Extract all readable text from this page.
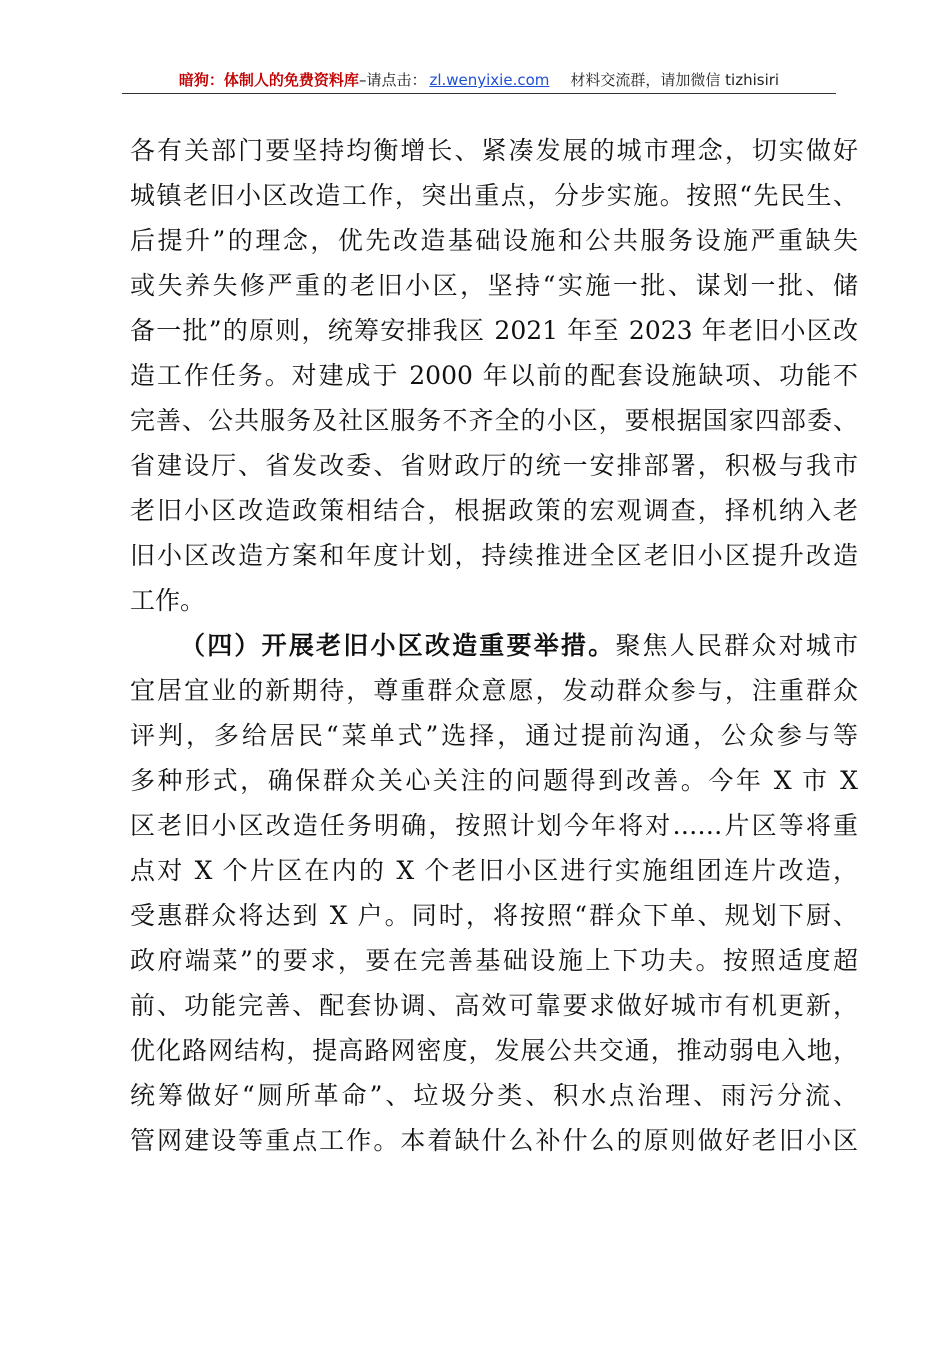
暗狗：体制人的免费资料库 –请点击： zl.wenyixie.com 材料交流群，请加微信 tizhisiri
各有关部门要坚持均衡增长、紧凑发展的城市理念，切实做好
城镇老旧小区改造工作，突出重点，分步实施。按照“先民生、
后提升”的理念，优先改造基础设施和公共服务设施严重缺失
或失养失修严重的老旧小区，坚持“实施一批、谋划一批、储
备一批”的原则，统筹安排我区 2021 年至 2023 年老旧小区改
造工作任务。对建成于 2000 年以前的配套设施缺项、功能不
完善、公共服务及社区服务不齐全的小区，要根据国家四部委、
省建设厅、省发改委、省财政厅的统一安排部署，积极与我市
老旧小区改造政策相结合，根据政策的宏观调查，择机纳入老
旧小区改造方案和年度计划，持续推进全区老旧小区提升改造
工作。
（四）开展老旧小区改造重要举措。聚焦人民群众对城市
宜居宜业的新期待，尊重群众意愿，发动群众参与，注重群众
评判，多给居民“菜单式”选择，通过提前沟通，公众参与等
多种形式，确保群众关心关注的问题得到改善。今年 X 市 X
区老旧小区改造任务明确，按照计划今年将对……片区等将重
点对 X 个片区在内的 X 个老旧小区进行实施组团连片改造，
受惠群众将达到 X 户。同时，将按照“群众下单、规划下厨、
政府端菜”的要求，要在完善基础设施上下功夫。按照适度超
前、功能完善、配套协调、高效可靠要求做好城市有机更新，
优化路网结构，提高路网密度，发展公共交通，推动弱电入地，
统筹做好“厕所革命”、垃圾分类、积水点治理、雨污分流、
管网建设等重点工作。本着缺什么补什么的原则做好老旧小区
